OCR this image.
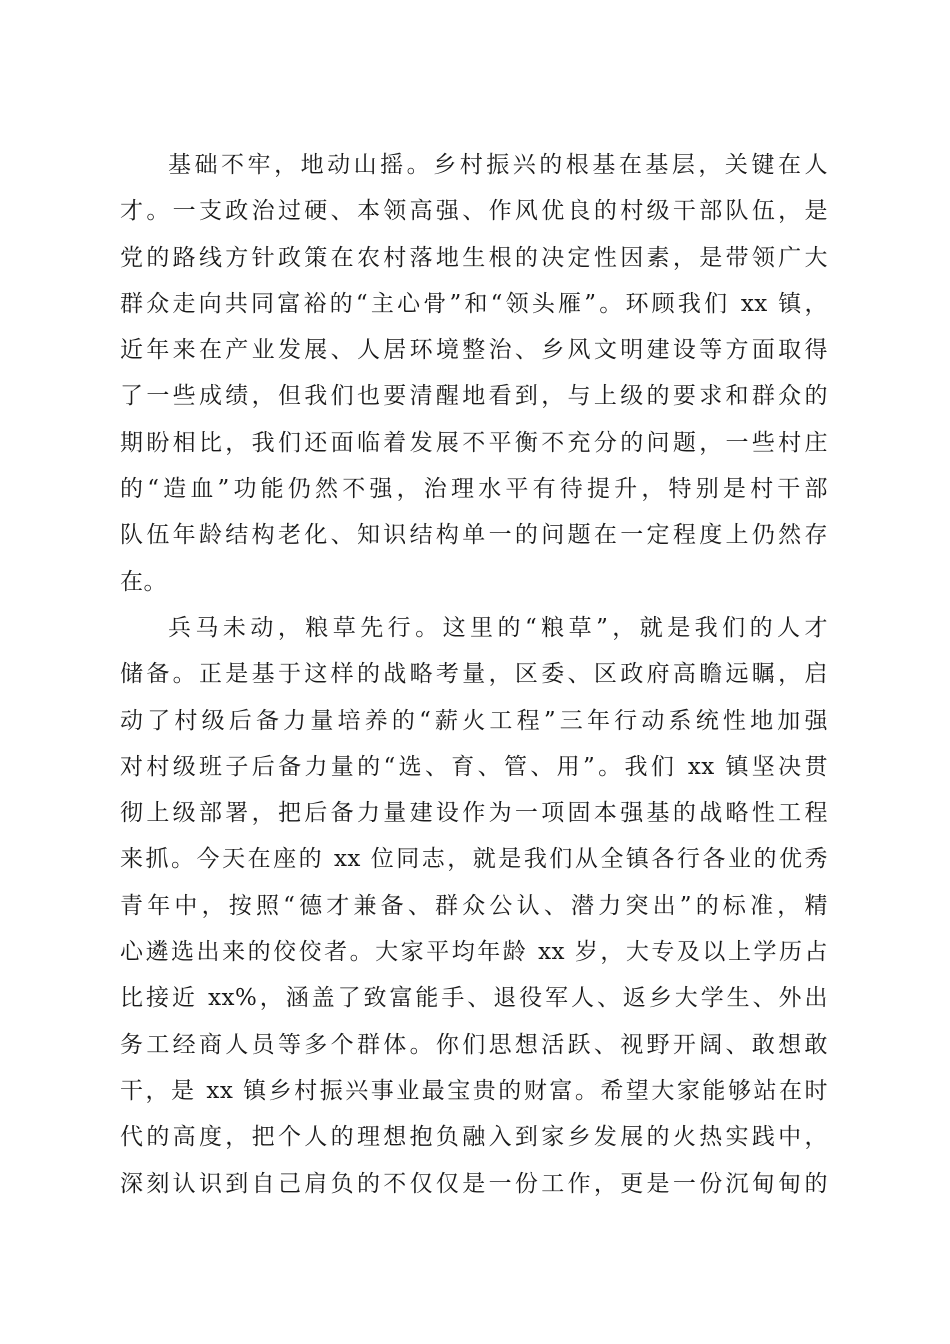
基础不牢，地动山摇。乡村振兴的根基在基层，关键在人
才。一支政治过硬、本领高强、作风优良的村级干部队伍，是
党的路线方针政策在农村落地生根的决定性因素，是带领广大
群众走向共同富裕的“主心骨”和“领头雁”。环顾我们 xx 镇，
近年来在产业发展、人居环境整治、乡风文明建设等方面取得
了一些成绩，但我们也要清醒地看到，与上级的要求和群众的
期盼相比，我们还面临着发展不平衡不充分的问题，一些村庄
的“造血”功能仍然不强，治理水平有待提升，特别是村干部
队伍年龄结构老化、知识结构单一的问题在一定程度上仍然存
在。
兵马未动，粮草先行。这里的“粮草”，就是我们的人才
储备。正是基于这样的战略考量，区委、区政府高瞻远瞩，启
动了村级后备力量培养的“薪火工程”三年行动系统性地加强
对村级班子后备力量的“选、育、管、用”。我们 xx 镇坚决贯
彻上级部署，把后备力量建设作为一项固本强基的战略性工程
来抓。今天在座的 xx 位同志，就是我们从全镇各行各业的优秀
青年中，按照“德才兼备、群众公认、潜力突出”的标准，精
心遴选出来的佼佼者。大家平均年龄 xx 岁，大专及以上学历占
比接近 xx%，涵盖了致富能手、退役军人、返乡大学生、外出
务工经商人员等多个群体。你们思想活跃、视野开阔、敢想敢
干，是 xx 镇乡村振兴事业最宝贵的财富。希望大家能够站在时
代的高度，把个人的理想抱负融入到家乡发展的火热实践中，
深刻认识到自己肩负的不仅仅是一份工作，更是一份沉甸甸的
